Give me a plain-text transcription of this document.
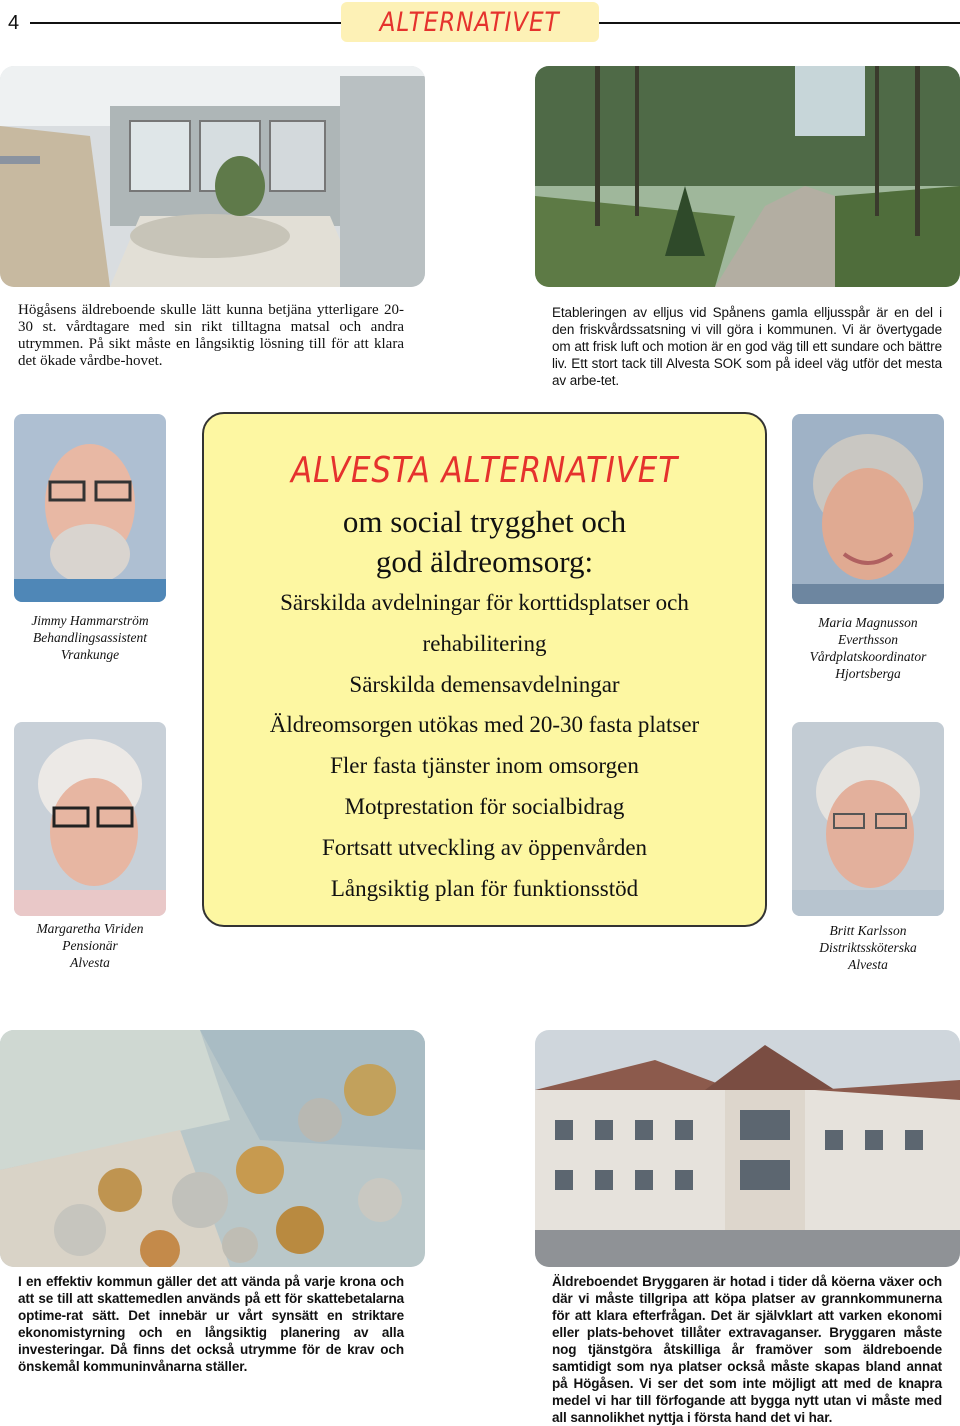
4	ALTERNATIVET
Högåsens äldreboende skulle lätt kunna betjäna ytterligare 20-30 st. vårdtagare med sin rikt tilltagna matsal och andra utrymmen. På sikt måste en långsiktig lösning till för att klara det ökade vårdbe-hovet.
Etableringen av elljus vid Spånens gamla elljusspår är en del i den friskvårdssatsning vi vill göra i kommunen. Vi är övertygade om att frisk luft och motion är en god väg till ett sundare och bättre liv. Ett stort tack till Alvesta SOK som på ideel väg utför det mesta av arbe-tet.
Jimmy Hammarström
Behandlingsassistent
Vrankunge
Margaretha Viriden
Pensionär
Alvesta
ALVESTA ALTERNATIVET
om social trygghet och
god äldreomsorg:
Särskilda avdelningar för korttidsplatser och
rehabilitering
Särskilda demensavdelningar
Äldreomsorgen utökas med 20-30 fasta platser
Fler fasta tjänster inom omsorgen
Motprestation för socialbidrag
Fortsatt utveckling av öppenvården
Långsiktig plan för funktionsstöd
Maria Magnusson
Everthsson
Vårdplatskoordinator
Hjortsberga
Britt Karlsson
Distriktssköterska
Alvesta
I en effektiv kommun gäller det att vända på varje krona och att se till att skattemedlen används på ett för skattebetalarna optime-rat sätt. Det innebär ur vårt synsätt en striktare ekonomistyrning och en långsiktig planering av alla investeringar. Då finns det också utrymme för de krav och önskemål kommuninvånarna ställer.
Äldreboendet Bryggaren är hotad i tider då köerna växer och där vi måste tillgripa att köpa platser av grannkommunerna för att klara efterfrågan. Det är självklart att varken ekonomi eller plats-behovet tillåter extravaganser. Bryggaren måste nog tjänstgöra åtskilliga år framöver som äldreboende samtidigt som nya platser också måste skapas bland annat på Högåsen. Vi ser det som inte möjligt att med de knapra medel vi har till förfogande att bygga nytt utan vi måste med all sannolikhet nyttja i första hand det vi har.
